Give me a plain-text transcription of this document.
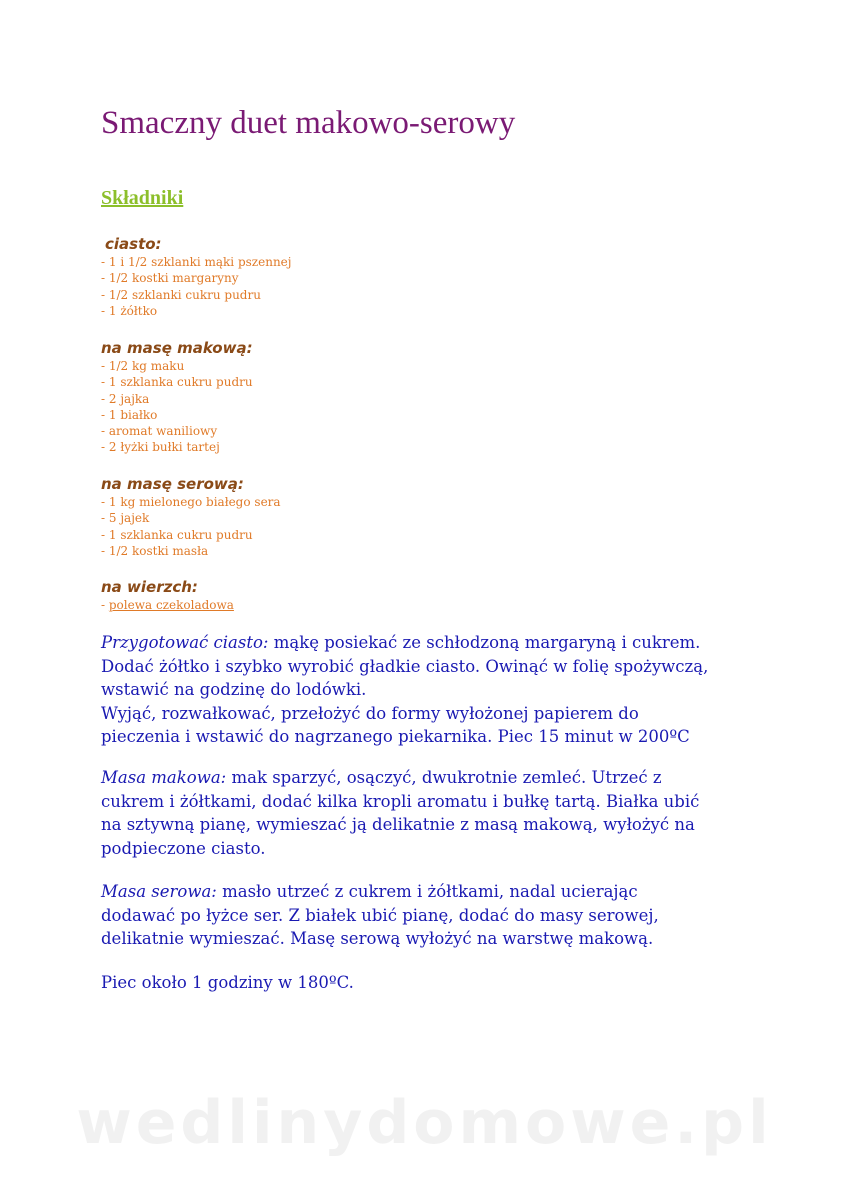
Smaczny duet makowo-serowy
Składniki
ciasto:
- 1 i 1/2 szklanki mąki pszennej
- 1/2 kostki margaryny
- 1/2 szklanki cukru pudru
- 1 żółtko
na masę makową:
- 1/2 kg maku
- 1 szklanka cukru pudru
- 2 jajka
- 1 białko
- aromat waniliowy
- 2 łyżki bułki tartej
na masę serową:
- 1 kg mielonego białego sera
- 5 jajek
- 1 szklanka cukru pudru
- 1/2 kostki masła
na wierzch:
- polewa czekoladowa

Przygotować ciasto: mąkę posiekać ze schłodzoną margaryną i cukrem.
Dodać żółtko i szybko wyrobić gładkie ciasto. Owinąć w folię spożywczą,
wstawić na godzinę do lodówki.
Wyjąć, rozwałkować, przełożyć do formy wyłożonej papierem do
pieczenia i wstawić do nagrzanego piekarnika. Piec 15 minut w 200ºC

Masa makowa: mak sparzyć, osączyć, dwukrotnie zemleć. Utrzeć z
cukrem i żółtkami, dodać kilka kropli aromatu i bułkę tartą. Białka ubić
na sztywną pianę, wymieszać ją delikatnie z masą makową, wyłożyć na
podpieczone ciasto.

Masa serowa: masło utrzeć z cukrem i żółtkami, nadal ucierając
dodawać po łyżce ser. Z białek ubić pianę, dodać do masy serowej,
delikatnie wymieszać. Masę serową wyłożyć na warstwę makową.

Piec około 1 godziny w 180ºC.

wedlinydomowe.pl
